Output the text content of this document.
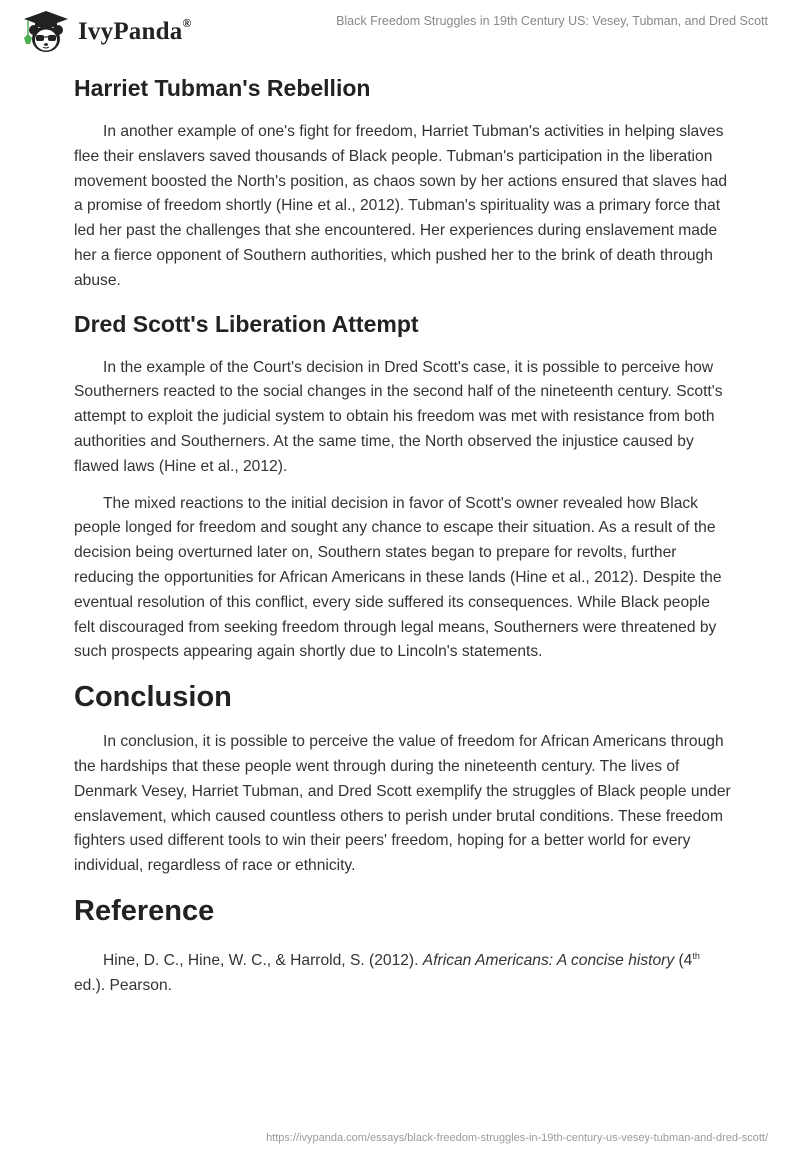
IvyPanda®	Black Freedom Struggles in 19th Century US: Vesey, Tubman, and Dred Scott
Harriet Tubman's Rebellion

In another example of one's fight for freedom, Harriet Tubman's activities in helping slaves flee their enslavers saved thousands of Black people. Tubman's participation in the liberation movement boosted the North's position, as chaos sown by her actions ensured that slaves had a promise of freedom shortly (Hine et al., 2012). Tubman's spirituality was a primary force that led her past the challenges that she encountered. Her experiences during enslavement made her a fierce opponent of Southern authorities, which pushed her to the brink of death through abuse.

Dred Scott's Liberation Attempt

In the example of the Court's decision in Dred Scott's case, it is possible to perceive how Southerners reacted to the social changes in the second half of the nineteenth century. Scott's attempt to exploit the judicial system to obtain his freedom was met with resistance from both authorities and Southerners. At the same time, the North observed the injustice caused by flawed laws (Hine et al., 2012).

The mixed reactions to the initial decision in favor of Scott's owner revealed how Black people longed for freedom and sought any chance to escape their situation. As a result of the decision being overturned later on, Southern states began to prepare for revolts, further reducing the opportunities for African Americans in these lands (Hine et al., 2012). Despite the eventual resolution of this conflict, every side suffered its consequences. While Black people felt discouraged from seeking freedom through legal means, Southerners were threatened by such prospects appearing again shortly due to Lincoln's statements.

Conclusion

In conclusion, it is possible to perceive the value of freedom for African Americans through the hardships that these people went through during the nineteenth century. The lives of Denmark Vesey, Harriet Tubman, and Dred Scott exemplify the struggles of Black people under enslavement, which caused countless others to perish under brutal conditions. These freedom fighters used different tools to win their peers' freedom, hoping for a better world for every individual, regardless of race or ethnicity.

Reference

Hine, D. C., Hine, W. C., & Harrold, S. (2012). African Americans: A concise history (4th ed.). Pearson.

https://ivypanda.com/essays/black-freedom-struggles-in-19th-century-us-vesey-tubman-and-dred-scott/
